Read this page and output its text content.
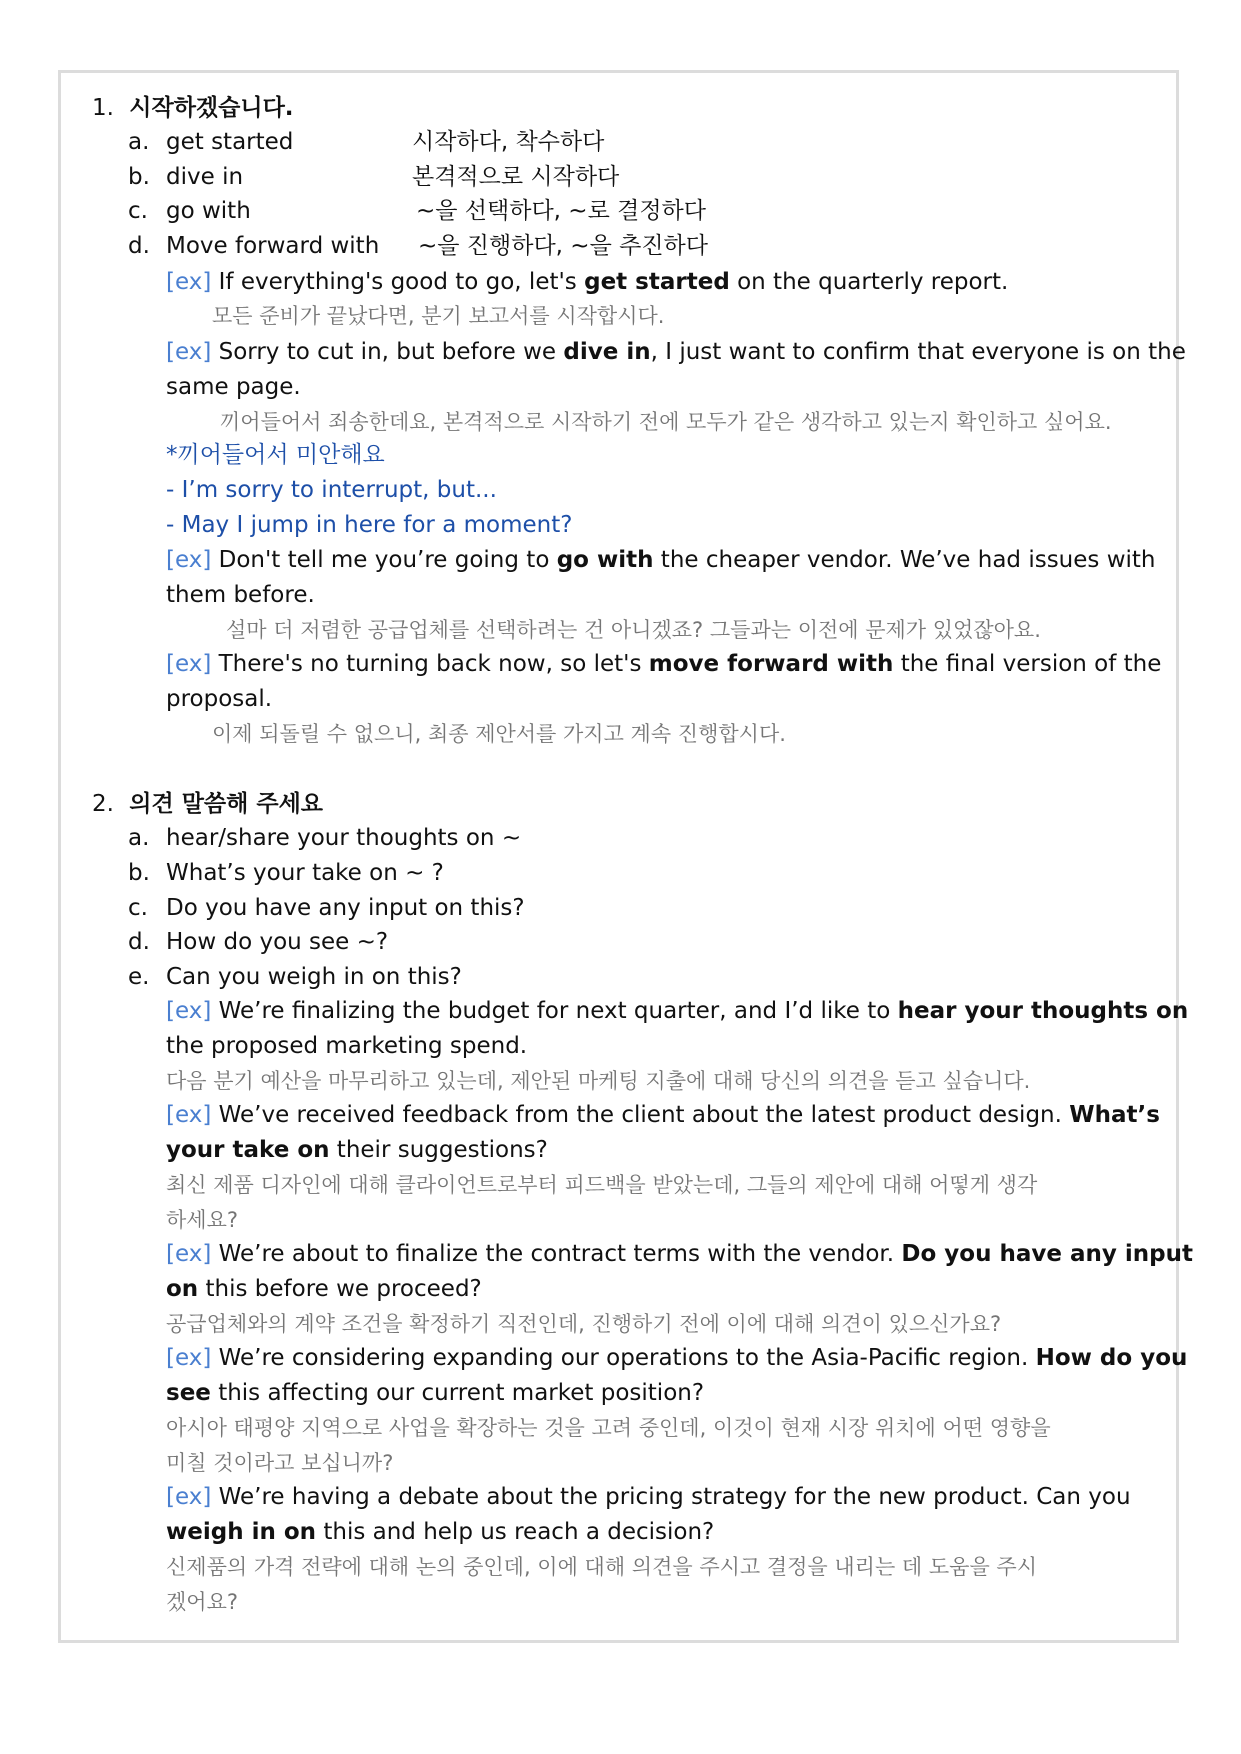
1. 시작하겠습니다.
a. get started	시작하다, 착수하다
b. dive in	본격적으로 시작하다
c. go with	~을 선택하다, ~로 결정하다
d. Move forward with ~을 진행하다, ~을 추진하다
[ex] If everything's good to go, let's get started on the quarterly report.
모든 준비가 끝났다면, 분기 보고서를 시작합시다.
[ex] Sorry to cut in, but before we dive in, I just want to confirm that everyone is on the
same page.
끼어들어서 죄송한데요, 본격적으로 시작하기 전에 모두가 같은 생각하고 있는지 확인하고 싶어요.
*끼어들어서 미안해요
- I’m sorry to interrupt, but...
- May I jump in here for a moment?
[ex] Don't tell me you’re going to go with the cheaper vendor. We’ve had issues with
them before.
설마 더 저렴한 공급업체를 선택하려는 건 아니겠죠? 그들과는 이전에 문제가 있었잖아요.
[ex] There's no turning back now, so let's move forward with the final version of the
proposal.
이제 되돌릴 수 없으니, 최종 제안서를 가지고 계속 진행합시다.
2. 의견 말씀해 주세요
a. hear/share your thoughts on ~
b. What’s your take on ~ ?
c. Do you have any input on this?
d. How do you see ~?
e. Can you weigh in on this?
[ex] We’re finalizing the budget for next quarter, and I’d like to hear your thoughts on
the proposed marketing spend.
다음 분기 예산을 마무리하고 있는데, 제안된 마케팅 지출에 대해 당신의 의견을 듣고 싶습니다.
[ex] We’ve received feedback from the client about the latest product design. What’s
your take on their suggestions?
최신 제품 디자인에 대해 클라이언트로부터 피드백을 받았는데, 그들의 제안에 대해 어떻게 생각
하세요?
[ex] We’re about to finalize the contract terms with the vendor. Do you have any input
on this before we proceed?
공급업체와의 계약 조건을 확정하기 직전인데, 진행하기 전에 이에 대해 의견이 있으신가요?
[ex] We’re considering expanding our operations to the Asia-Pacific region. How do you
see this affecting our current market position?
아시아 태평양 지역으로 사업을 확장하는 것을 고려 중인데, 이것이 현재 시장 위치에 어떤 영향을
미칠 것이라고 보십니까?
[ex] We’re having a debate about the pricing strategy for the new product. Can you
weigh in on this and help us reach a decision?
신제품의 가격 전략에 대해 논의 중인데, 이에 대해 의견을 주시고 결정을 내리는 데 도움을 주시
겠어요?
